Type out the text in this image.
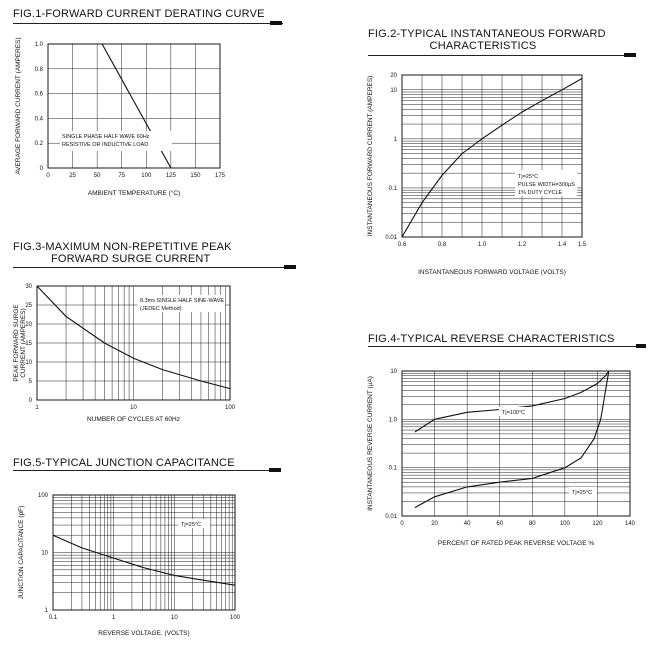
FIG.1-FORWARD CURRENT DERATING CURVE
0	25	50	75	100 125 150 175
0
0.2
0.4
0.6
0.8
1.0
AMBIENT TEMPERATURE (°C)
AVERAGE FORWARD CURRENT (AMPERES)	SINGLE PHASE HALF WAVE 60Hz
RESISTIVE OR INDUCTIVE LOAD
FIG.2-TYPICAL INSTANTANEOUS FORWARD
CHARACTERISTICS
0.6	0.8	1.0	1.2	1.4 1.5
0.01
0.1
1
10
20
INSTANTANEOUS FORWARD VOLTAGE (VOLTS)
INSTANTANEOUS FORWARD CURRENT (AMPERES)	Tj=25°C
PULSE WIDTH=300µS
1% DUTY CYCLE
FIG.3-MAXIMUM NON-REPETITIVE PEAK
FORWARD SURGE CURRENT
1	10	100
0
5
10
15
20
25
30
NUMBER OF CYCLES AT 60Hz
PEAK FORWARD SURGE CURRENT (AMPERES)
8.3ms SINGLE HALF SINE-WAVE
(JEDEC Method)
FIG.4-TYPICAL REVERSE CHARACTERISTICS
0	20	40	60	80	100	120	140
0.01
0.1
1.0
10
PERCENT OF RATED PEAK REVERSE VOLTAGE %
INSTANTANEOUS REVERSE CURRENT (µA)	Tj=100°C
Tj=25°C
FIG.5-TYPICAL JUNCTION CAPACITANCE
0.1	1	10	100
1
10
100
REVERSE VOLTAGE. (VOLTS)
JUNCTION CAPACITANCE (pF)	Tj=25°C
